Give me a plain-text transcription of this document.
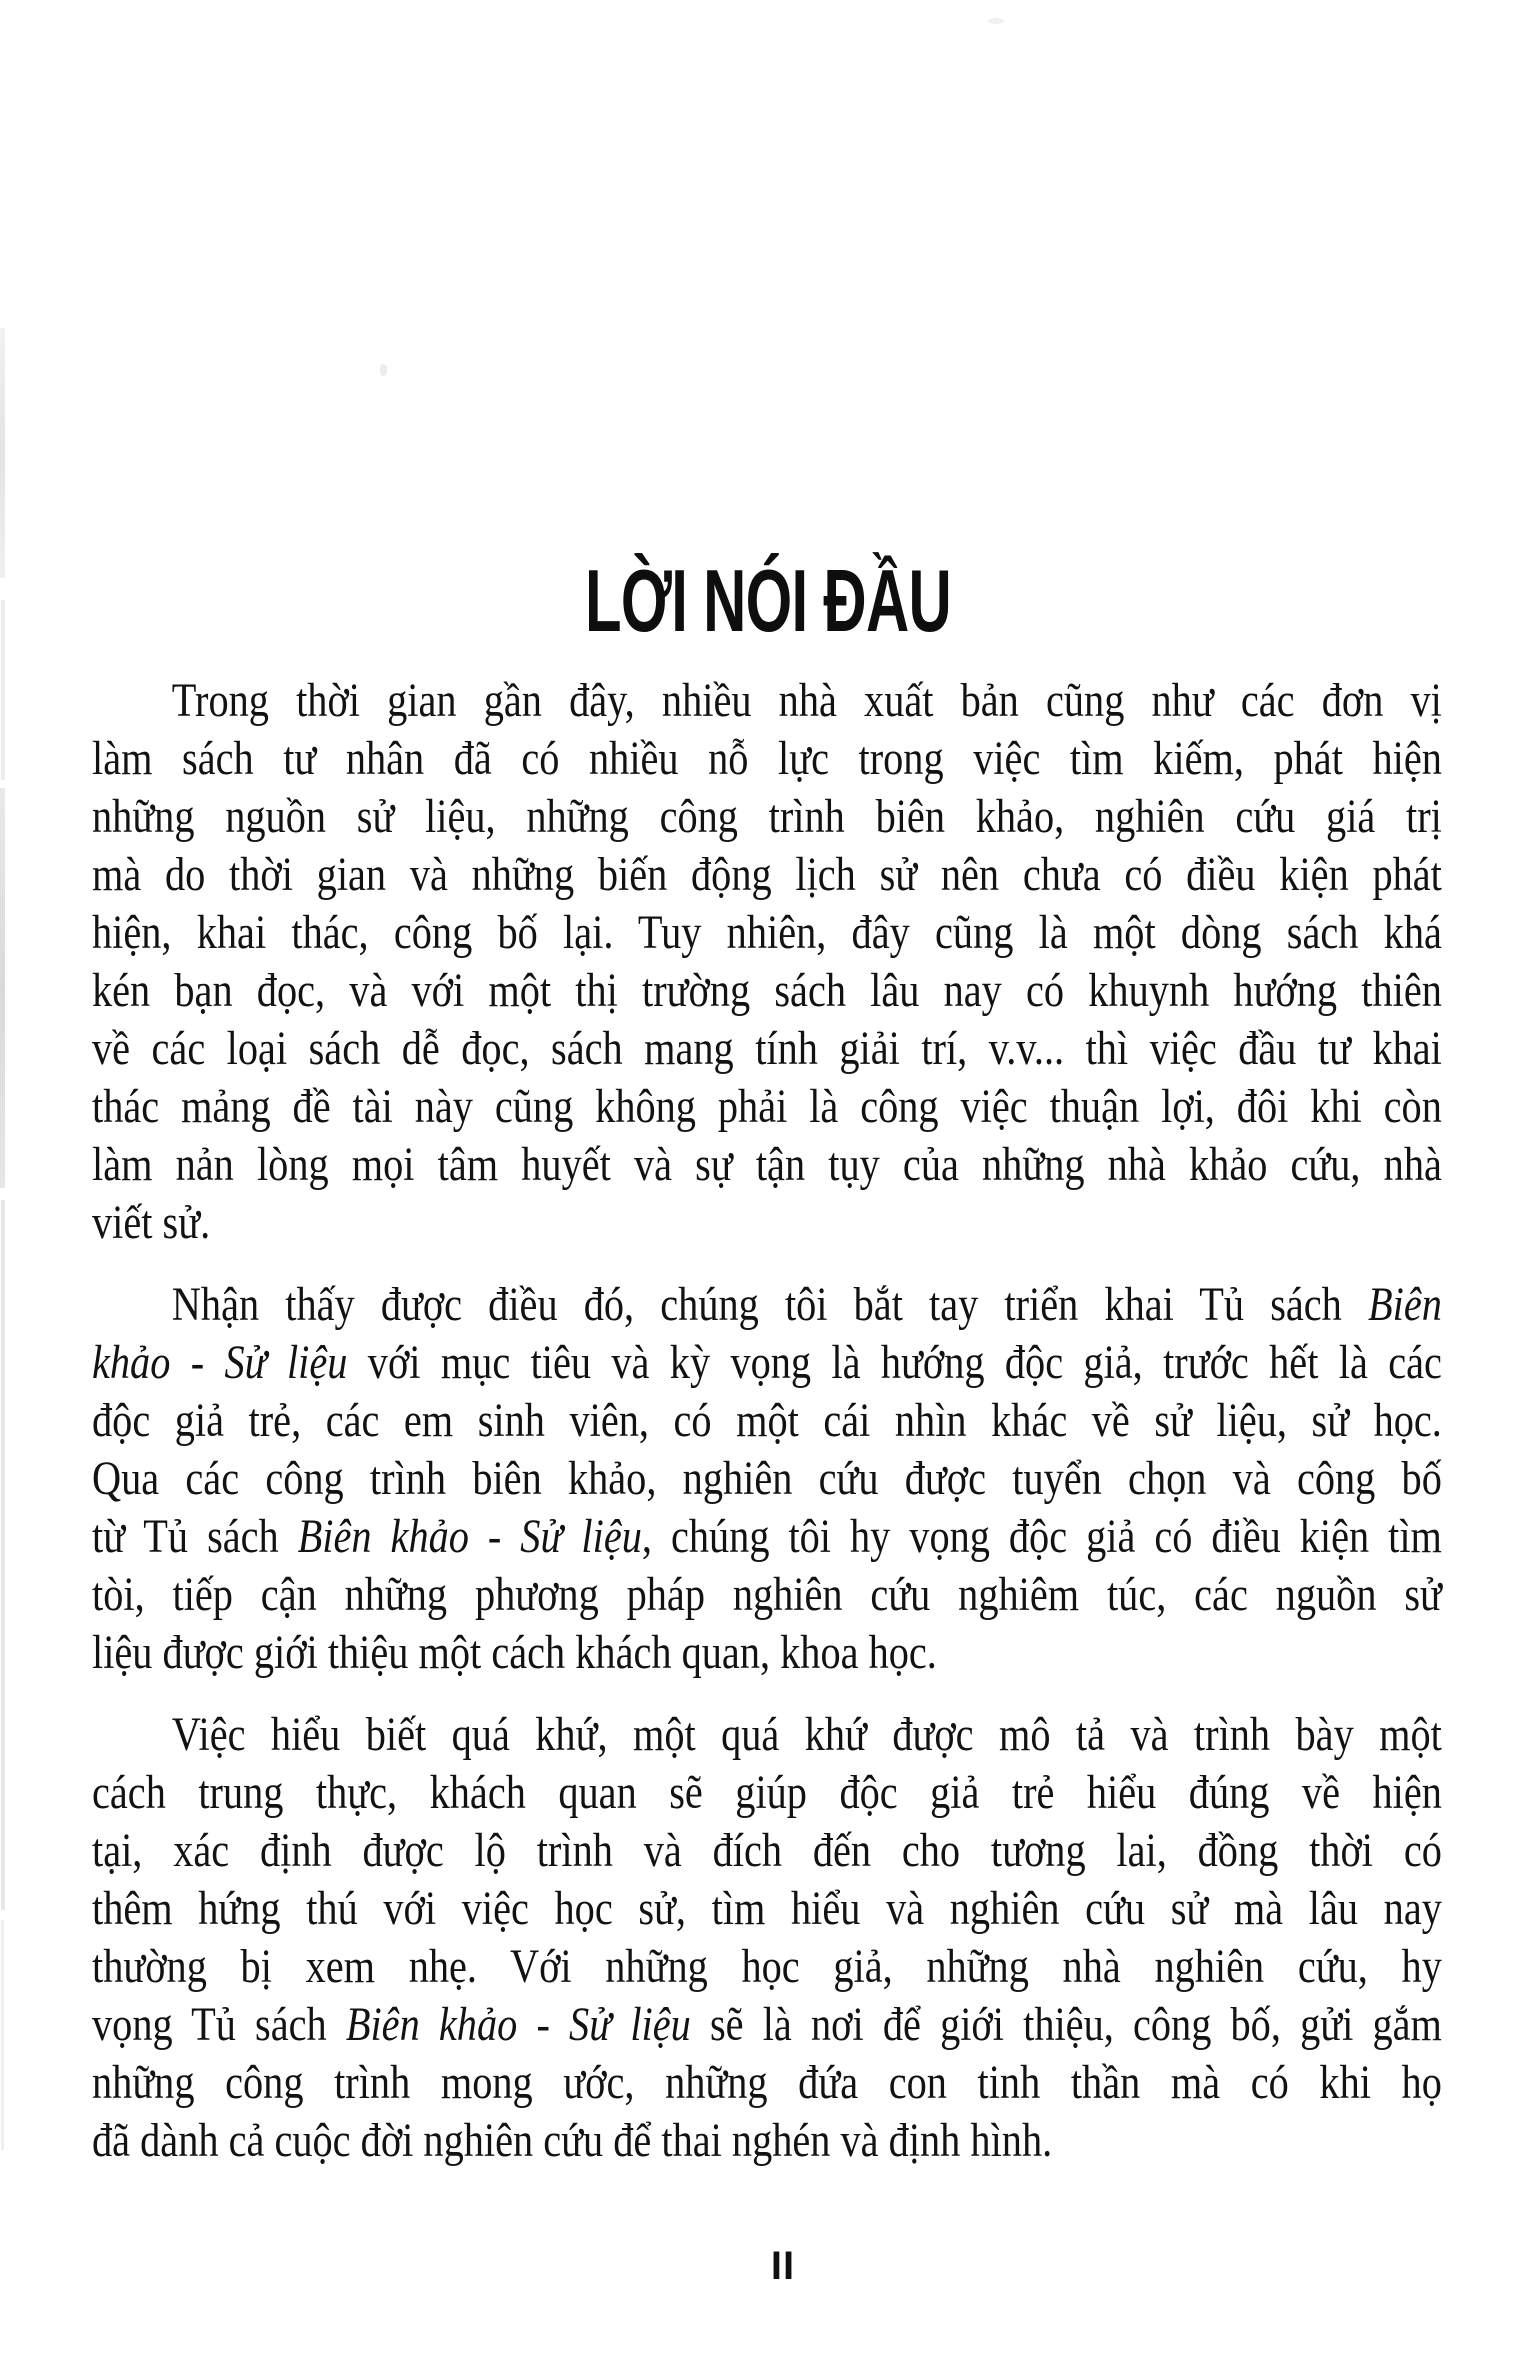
LỜI NÓI ĐẦU
Trong thời gian gần đây, nhiều nhà xuất bản cũng như các đơn vị
làm sách tư nhân đã có nhiều nỗ lực trong việc tìm kiếm, phát hiện
những nguồn sử liệu, những công trình biên khảo, nghiên cứu giá trị
mà do thời gian và những biến động lịch sử nên chưa có điều kiện phát
hiện, khai thác, công bố lại. Tuy nhiên, đây cũng là một dòng sách khá
kén bạn đọc, và với một thị trường sách lâu nay có khuynh hướng thiên
về các loại sách dễ đọc, sách mang tính giải trí, v.v... thì việc đầu tư khai
thác mảng đề tài này cũng không phải là công việc thuận lợi, đôi khi còn
làm nản lòng mọi tâm huyết và sự tận tụy của những nhà khảo cứu, nhà
viết sử.
Nhận thấy được điều đó, chúng tôi bắt tay triển khai Tủ sách Biên
khảo - Sử liệu với mục tiêu và kỳ vọng là hướng độc giả, trước hết là các
độc giả trẻ, các em sinh viên, có một cái nhìn khác về sử liệu, sử học.
Qua các công trình biên khảo, nghiên cứu được tuyển chọn và công bố
từ Tủ sách Biên khảo - Sử liệu, chúng tôi hy vọng độc giả có điều kiện tìm
tòi, tiếp cận những phương pháp nghiên cứu nghiêm túc, các nguồn sử
liệu được giới thiệu một cách khách quan, khoa học.
Việc hiểu biết quá khứ, một quá khứ được mô tả và trình bày một
cách trung thực, khách quan sẽ giúp độc giả trẻ hiểu đúng về hiện
tại, xác định được lộ trình và đích đến cho tương lai, đồng thời có
thêm hứng thú với việc học sử, tìm hiểu và nghiên cứu sử mà lâu nay
thường bị xem nhẹ. Với những học giả, những nhà nghiên cứu, hy
vọng Tủ sách Biên khảo - Sử liệu sẽ là nơi để giới thiệu, công bố, gửi gắm
những công trình mong ước, những đứa con tinh thần mà có khi họ
đã dành cả cuộc đời nghiên cứu để thai nghén và định hình.
II
